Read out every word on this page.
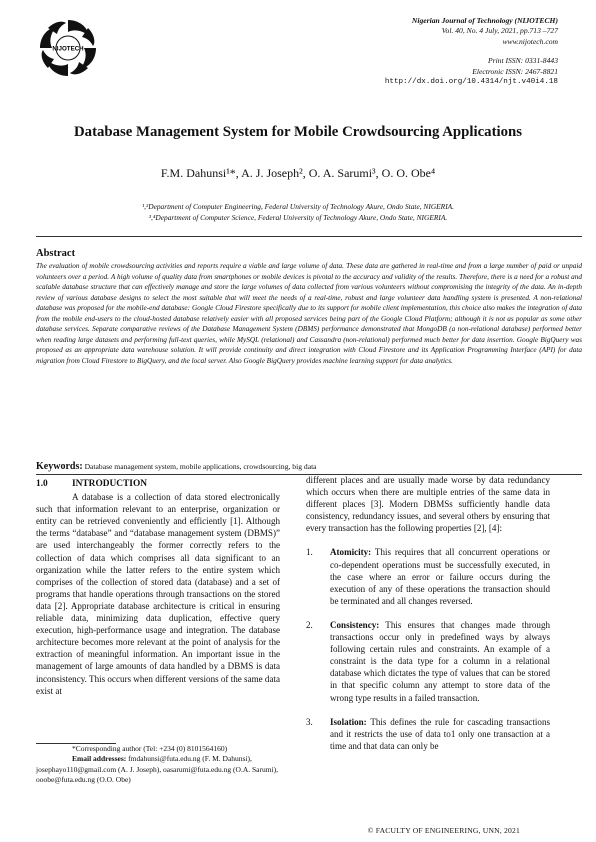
NIJOTECH
Nigerian Journal of Technology (NIJOTECH)
Vol. 40, No. 4 July, 2021, pp.713 –727
www.nijotech.com
Print ISSN: 0331-8443
Electronic ISSN: 2467-8821
http://dx.doi.org/10.4314/njt.v40i4.18
Database Management System for Mobile Crowdsourcing Applications
F.M. Dahunsi¹*, A. J. Joseph², O. A. Sarumi³, O. O. Obe⁴
¹,²Department of Computer Engineering, Federal University of Technology Akure, Ondo State, NIGERIA.
³,⁴Department of Computer Science, Federal University of Technology Akure, Ondo State, NIGERIA.
Abstract
The evaluation of mobile crowdsourcing activities and reports require a viable and large volume of data. These data are gathered in real-time and from a large number of paid or unpaid volunteers over a period. A high volume of quality data from smartphones or mobile devices is pivotal to the accuracy and validity of the results. Therefore, there is a need for a robust and scalable database structure that can effectively manage and store the large volumes of data collected from various volunteers without compromising the integrity of the data. An in-depth review of various database designs to select the most suitable that will meet the needs of a real-time, robust and large volunteer data handling system is presented. A non-relational database was proposed for the mobile-end database: Google Cloud Firestore specifically due to its support for mobile client implementation, this choice also makes the integration of data from the mobile end-users to the cloud-hosted database relatively easier with all proposed services being part of the Google Cloud Platform; although it is not as popular as some other database services. Separate comparative reviews of the Database Management System (DBMS) performance demonstrated that MongoDB (a non-relational database) performed better when reading large datasets and performing full-text queries, while MySQL (relational) and Cassandra (non-relational) performed much better for data insertion. Google BigQuery was proposed as an appropriate data warehouse solution. It will provide continuity and direct integration with Cloud Firestore and its Application Programming Interface (API) for data migration from Cloud Firestore to BigQuery, and the local server. Also Google BigQuery provides machine learning support for data analytics.
Keywords: Database management system, mobile applications, crowdsourcing, big data
1.0	INTRODUCTION

A database is a collection of data stored electronically such that information relevant to an enterprise, organization or entity can be retrieved conveniently and efficiently [1]. Although the terms “database” and “database management system (DBMS)” are used interchangeably the former correctly refers to the collection of data which comprises all data significant to an organization while the latter refers to the entire system which comprises of the collection of stored data (database) and a set of programs that handle operations through transactions on the stored data [2]. Appropriate database architecture is critical in ensuring reliable data, minimizing data duplication, effective query execution, high-performance usage and integration. The database architecture becomes more relevant at the point of analysis for the extraction of meaningful information. An important issue in the management of large amounts of data handled by a DBMS is data inconsistency. This occurs when different versions of the same data exist at

different places and are usually made worse by data redundancy which occurs when there are multiple entries of the same data in different places [3]. Modern DBMSs sufficiently handle data consistency, redundancy issues, and several others by ensuring that every transaction has the following properties [2], [4]:

1. Atomicity: This requires that all concurrent operations or co-dependent operations must be successfully executed, in the case where an error or failure occurs during the execution of any of these operations the transaction should be terminated and all changes reversed.
2. Consistency: This ensures that changes made through transactions occur only in predefined ways by always following certain rules and constraints. An example of a constraint is the data type for a column in a relational database which dictates the type of values that can be stored in that specific column any attempt to store data of the wrong type results in a failed transaction.
3. Isolation: This defines the rule for cascading transactions and it restricts the use of data to1 only one transaction at a time and that data can only be
*Corresponding author (Tel: +234 (0) 8101564160)
Email addresses: fmdahunsi@futa.edu.ng (F. M. Dahunsi), josephayo110@gmail.com (A. J. Joseph), oasarumi@futa.edu.ng (O.A. Sarumi), ooobe@futa.edu.ng (O.O. Obe)
© FACULTY OF ENGINEERING, UNN, 2021
